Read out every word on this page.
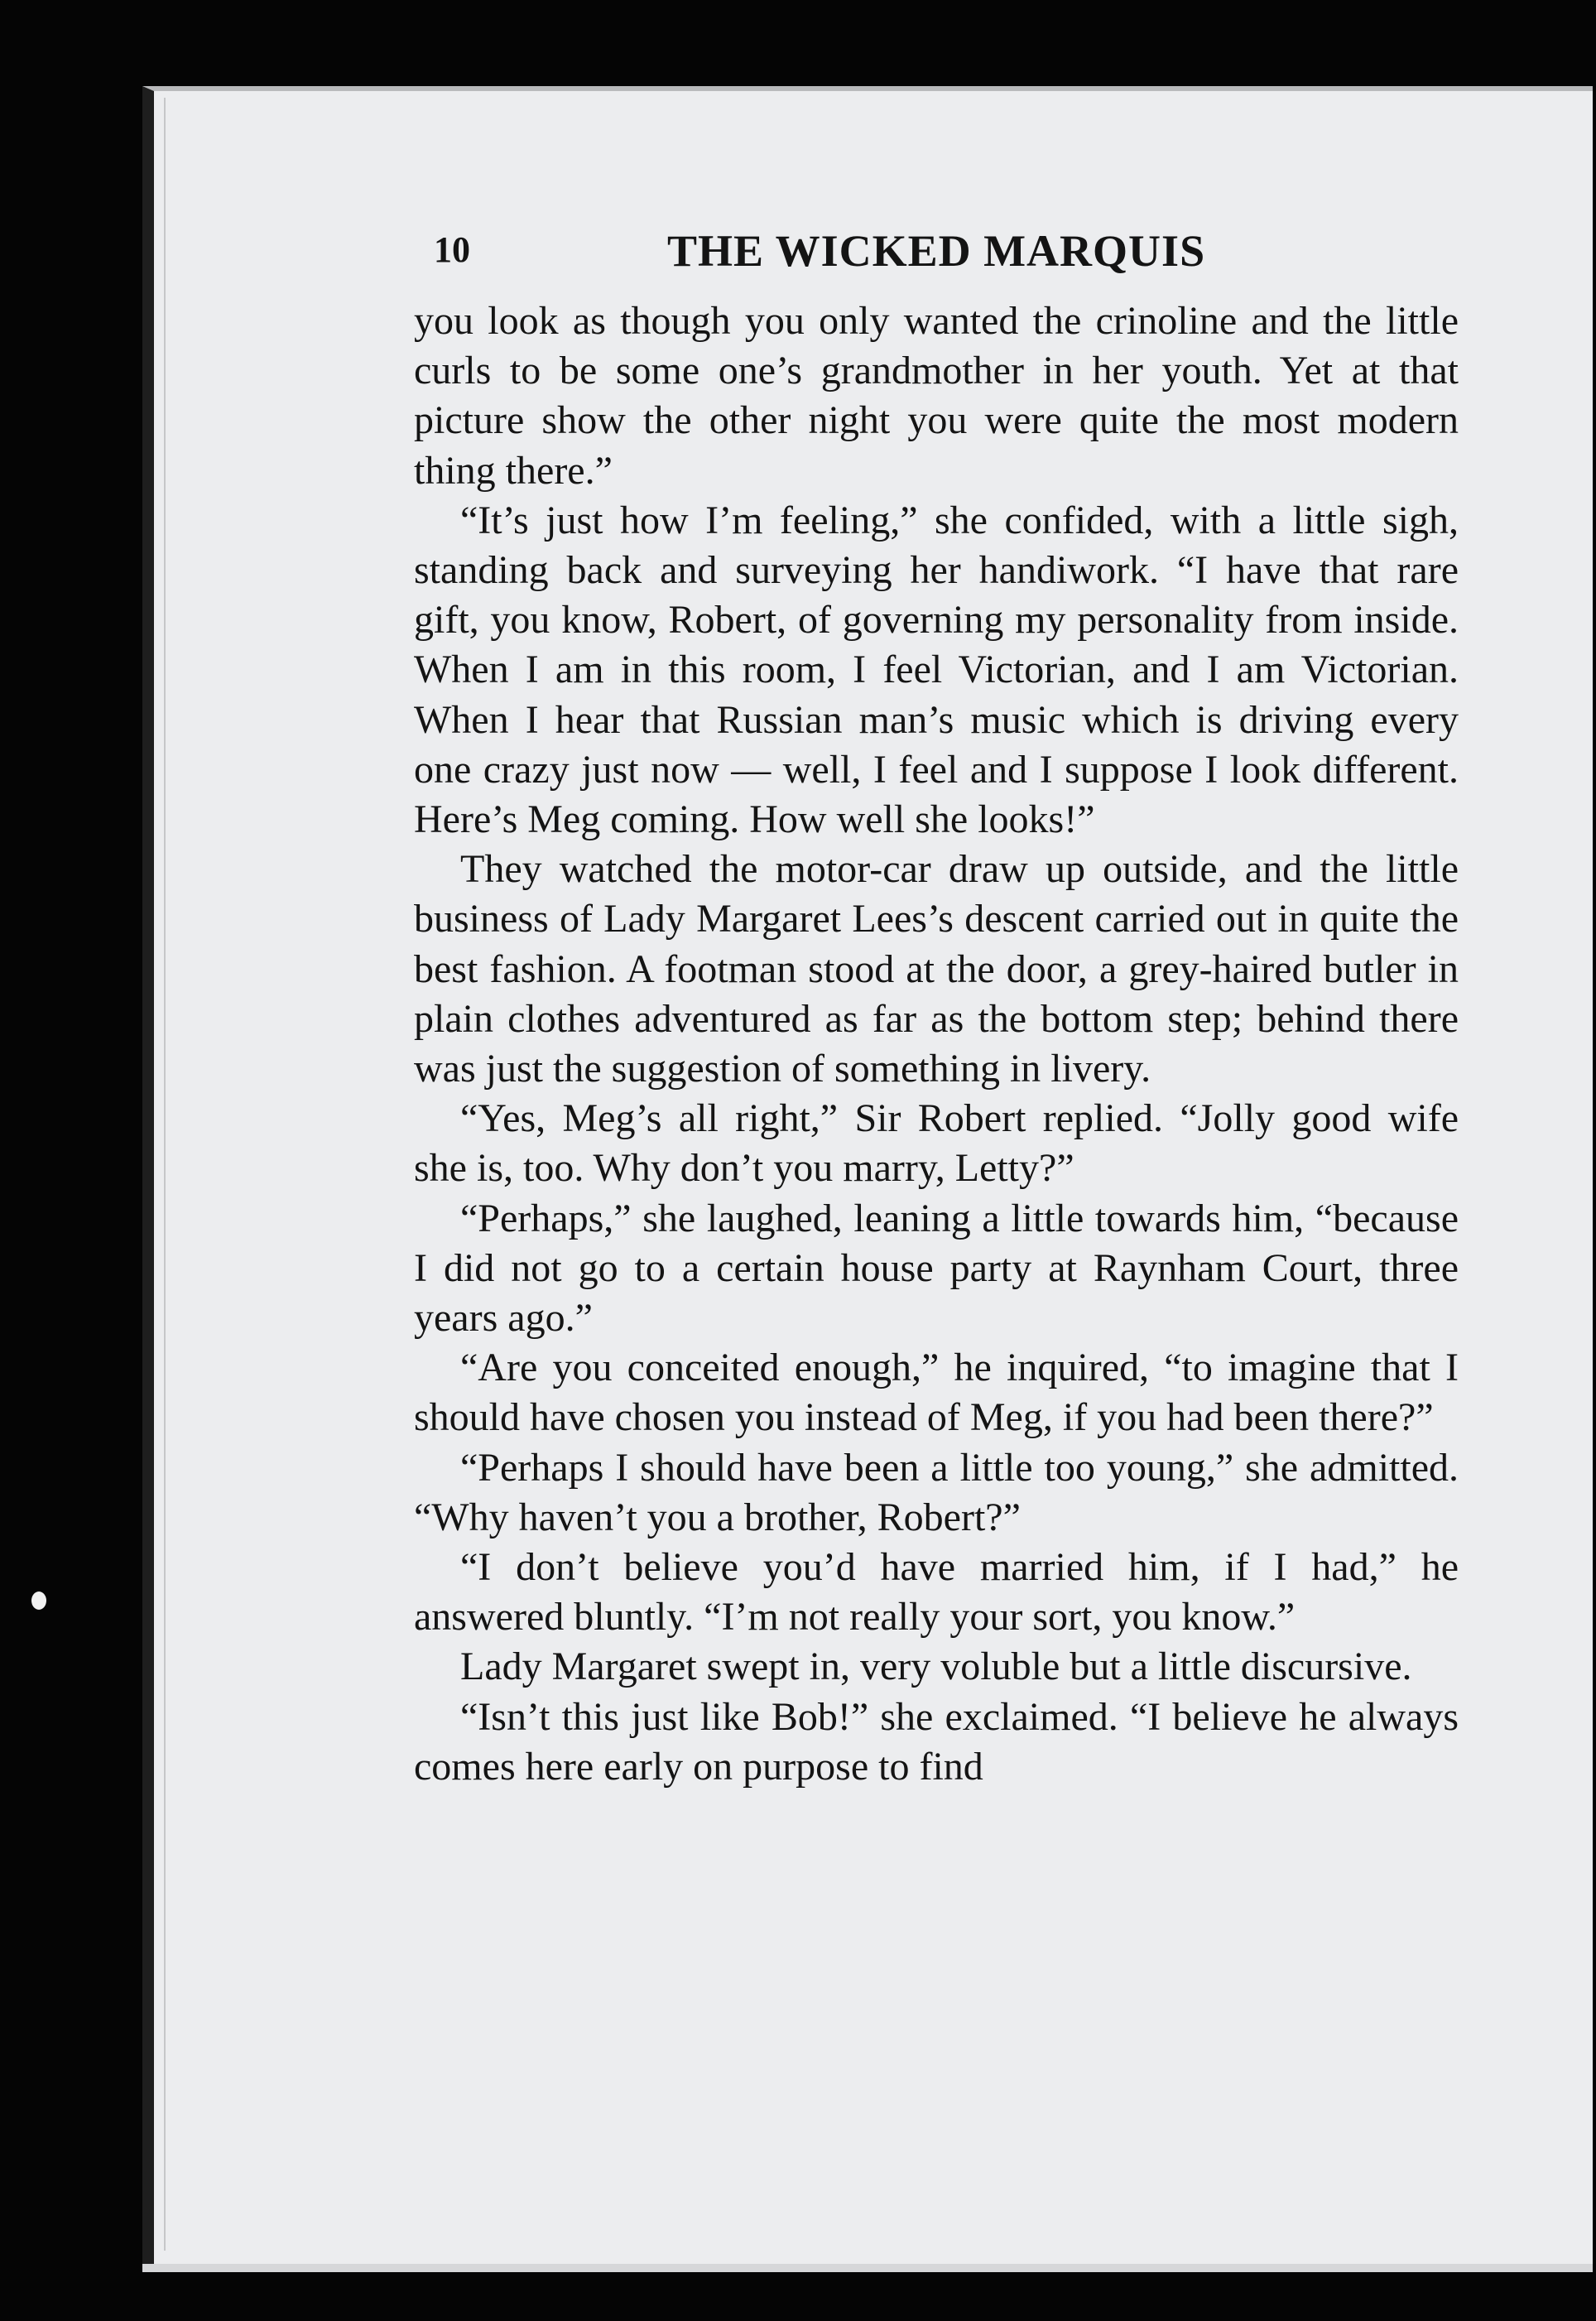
10	THE WICKED MARQUIS

you look as though you only wanted the crinoline and the little curls to be some one’s grandmother in her youth. Yet at that picture show the other night you were quite the most modern thing there.”

“It’s just how I’m feeling,” she confided, with a little sigh, standing back and surveying her handiwork. “I have that rare gift, you know, Robert, of governing my personality from inside. When I am in this room, I feel Victorian, and I am Victorian. When I hear that Russian man’s music which is driving every one crazy just now — well, I feel and I suppose I look different. Here’s Meg coming. How well she looks!”

They watched the motor-car draw up outside, and the little business of Lady Margaret Lees’s descent carried out in quite the best fashion. A footman stood at the door, a grey-haired butler in plain clothes adventured as far as the bottom step; behind there was just the suggestion of something in livery.

“Yes, Meg’s all right,” Sir Robert replied. “Jolly good wife she is, too. Why don’t you marry, Letty?”

“Perhaps,” she laughed, leaning a little towards him, “because I did not go to a certain house party at Raynham Court, three years ago.”

“Are you conceited enough,” he inquired, “to imagine that I should have chosen you instead of Meg, if you had been there?”

“Perhaps I should have been a little too young,” she admitted. “Why haven’t you a brother, Robert?”

“I don’t believe you’d have married him, if I had,” he answered bluntly. “I’m not really your sort, you know.”

Lady Margaret swept in, very voluble but a little discursive.

“Isn’t this just like Bob!” she exclaimed. “I believe he always comes here early on purpose to find
